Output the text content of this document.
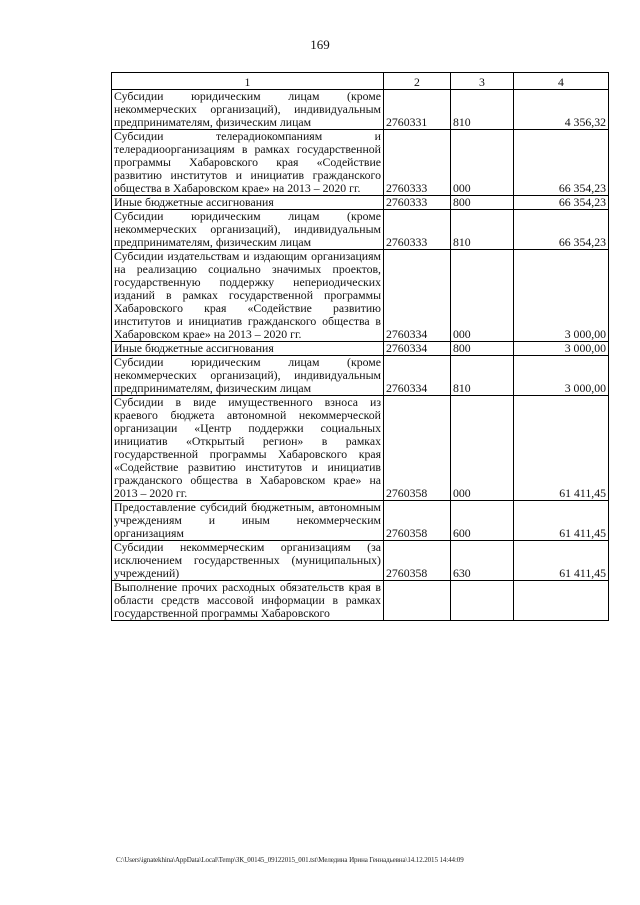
169
1	2	3	4
Субсидии юридическим лицам (кроме некоммерческих организаций), индивидуальным предпринимателям, физическим лицам	2760331	810	4 356,32
Субсидии телерадиокомпаниям и телерадиоорганизациям в рамках государственной программы Хабаровского края «Содействие развитию институтов и инициатив гражданского общества в Хабаровском крае» на 2013 – 2020 гг.	2760333	000	66 354,23
Иные бюджетные ассигнования	2760333	800	66 354,23
Субсидии юридическим лицам (кроме некоммерческих организаций), индивидуальным предпринимателям, физическим лицам	2760333	810	66 354,23
Субсидии издательствам и издающим организациям на реализацию социально значимых проектов, государственную поддержку непериодических изданий в рамках государственной программы Хабаровского края «Содействие развитию институтов и инициатив гражданского общества в Хабаровском крае» на 2013 – 2020 гг.	2760334	000	3 000,00
Иные бюджетные ассигнования	2760334	800	3 000,00
Субсидии юридическим лицам (кроме некоммерческих организаций), индивидуальным предпринимателям, физическим лицам	2760334	810	3 000,00
Субсидии в виде имущественного взноса из краевого бюджета автономной некоммерческой организации «Центр поддержки социальных инициатив «Открытый регион» в рамках государственной программы Хабаровского края «Содействие развитию институтов и инициатив гражданского общества в Хабаровском крае» на 2013 – 2020 гг.	2760358	000	61 411,45
Предоставление субсидий бюджетным, автономным учреждениям и иным некоммерческим организациям	2760358	600	61 411,45
Субсидии некоммерческим организациям (за исключением государственных (муниципальных) учреждений)	2760358	630	61 411,45
Выполнение прочих расходных обязательств края в области средств массовой информации в рамках государственной программы Хабаровского			
C:\Users\ignatekhina\AppData\Local\Temp\ЗК_00145_09122015_001.tst\Меледина Ирина Геннадьевна\14.12.2015 14:44:09
